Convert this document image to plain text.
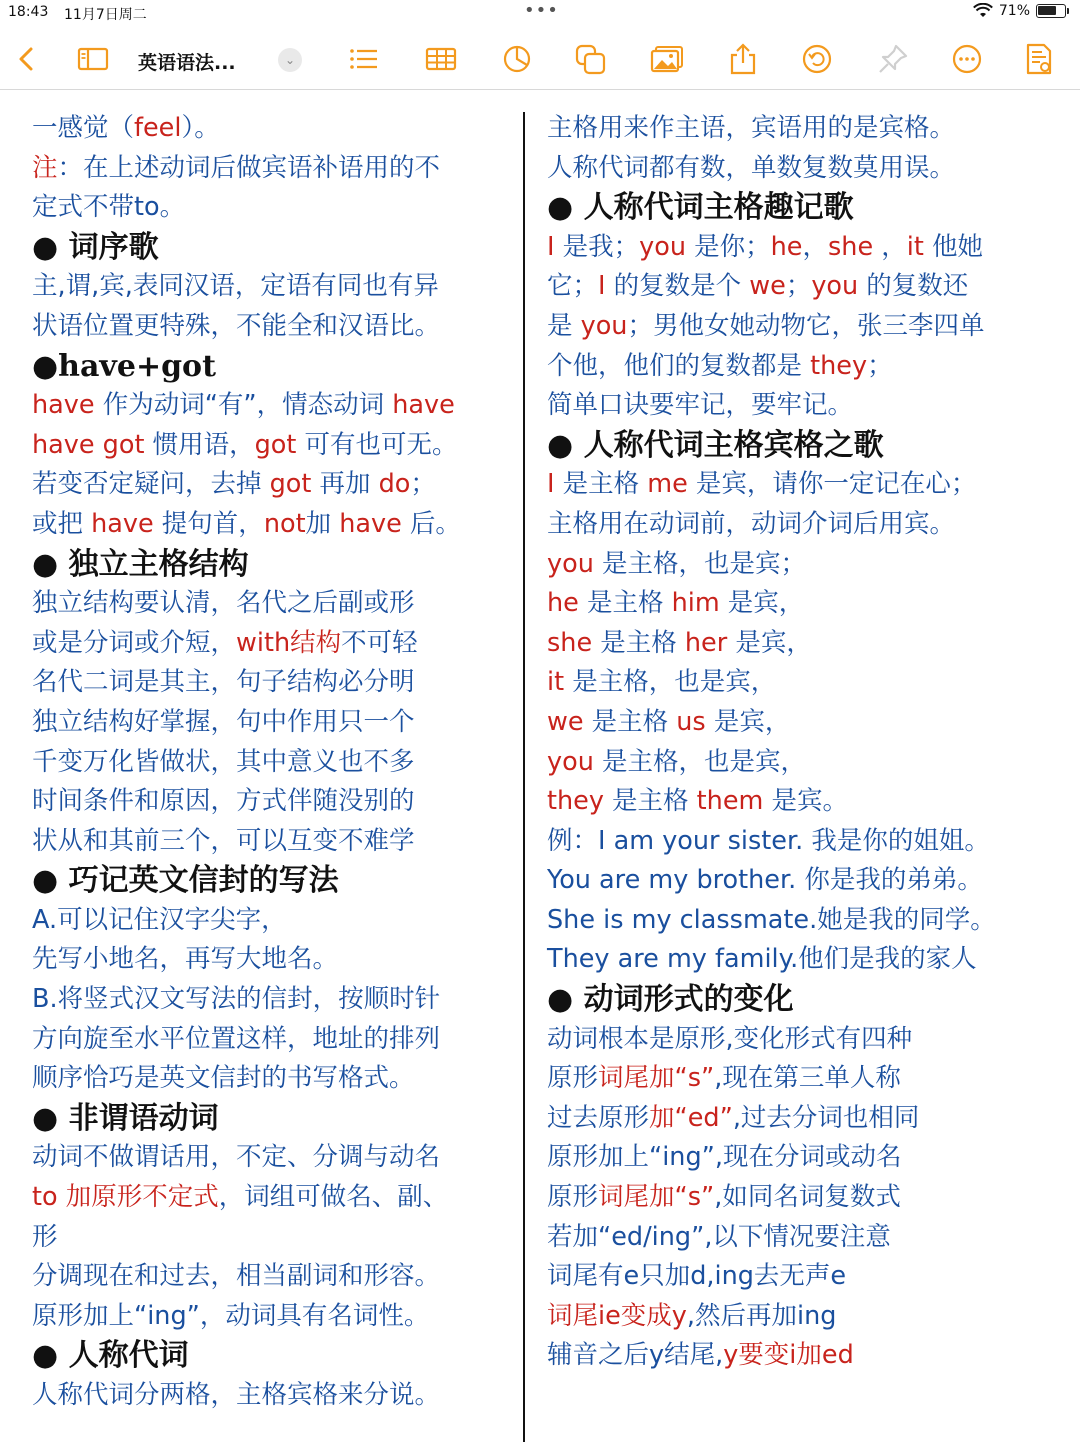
18:43 11月7日周二	•••	71%
英语语法...	⌄
一感觉（feel）。
注：在上述动词后做宾语补语用的不
定式不带to。
● 词序歌
主,谓,宾,表同汉语，定语有同也有异
状语位置更特殊，不能全和汉语比。
●have+got
have 作为动词“有”，情态动词 have
have got 惯用语，got 可有也可无。
若变否定疑问，去掉 got 再加 do；
或把 have 提句首，not加 have 后。
● 独立主格结构
独立结构要认清，名代之后副或形
或是分词或介短，with结构不可轻
名代二词是其主，句子结构必分明
独立结构好掌握，句中作用只一个
千变万化皆做状，其中意义也不多
时间条件和原因，方式伴随没别的
状从和其前三个，可以互变不难学
● 巧记英文信封的写法
A.可以记住汉字尖字，
先写小地名，再写大地名。
B.将竖式汉文写法的信封，按顺时针
方向旋至水平位置这样，地址的排列
顺序恰巧是英文信封的书写格式。
● 非谓语动词
动词不做谓话用，不定、分调与动名
to 加原形不定式，词组可做名、副、
形
分调现在和过去，相当副词和形容。
原形加上“ing”，动词具有名词性。
● 人称代词
人称代词分两格，主格宾格来分说。
主格用来作主语，宾语用的是宾格。
人称代词都有数，单数复数莫用误。
● 人称代词主格趣记歌
I 是我；you 是你；he，she ，it 他她
它；I 的复数是个 we；you 的复数还
是 you；男他女她动物它，张三李四单
个他，他们的复数都是 they；
简单口诀要牢记，要牢记。
● 人称代词主格宾格之歌
I 是主格 me 是宾，请你一定记在心；
主格用在动词前，动词介词后用宾。
you 是主格，也是宾；
he 是主格 him 是宾，
she 是主格 her 是宾，
it 是主格，也是宾，
we 是主格 us 是宾，
you 是主格，也是宾，
they 是主格 them 是宾。
例：I am your sister. 我是你的姐姐。
You are my brother. 你是我的弟弟。
She is my classmate.她是我的同学。
They are my family.他们是我的家人
● 动词形式的变化
动词根本是原形,变化形式有四种
原形词尾加“s”,现在第三单人称
过去原形加“ed”,过去分词也相同
原形加上“ing”,现在分词或动名
原形词尾加“s”,如同名词复数式
若加“ed/ing”,以下情况要注意
词尾有e只加d,ing去无声e
词尾ie变成y,然后再加ing
辅音之后y结尾,y要变i加ed
